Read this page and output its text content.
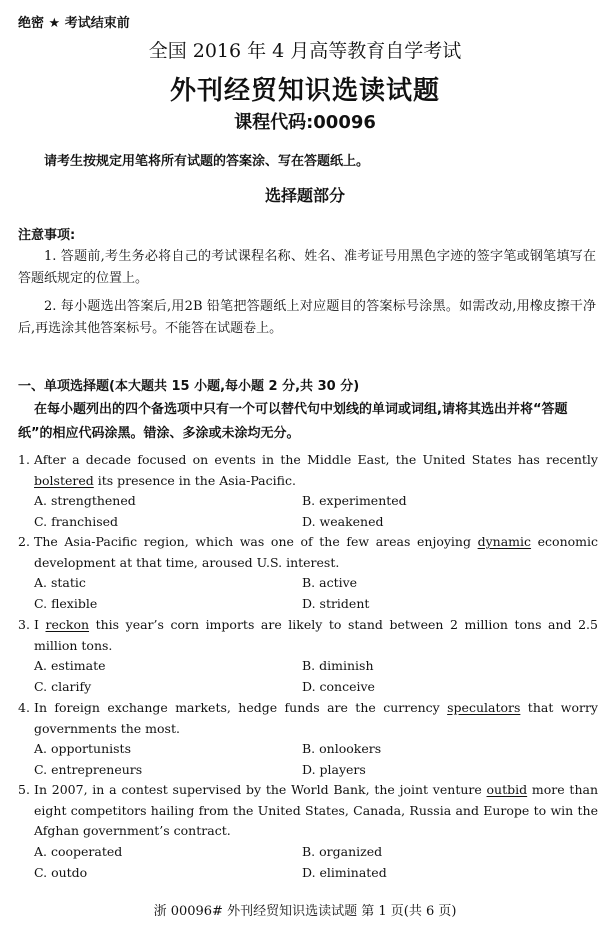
绝密 ★ 考试结束前
全国 2016 年 4 月高等教育自学考试
外刊经贸知识选读试题
课程代码:00096
请考生按规定用笔将所有试题的答案涂、写在答题纸上。
选择题部分
注意事项:
1. 答题前,考生务必将自己的考试课程名称、姓名、准考证号用黑色字迹的签字笔或钢笔填写在答题纸规定的位置上。
2. 每小题选出答案后,用2B 铅笔把答题纸上对应题目的答案标号涂黑。如需改动,用橡皮擦干净后,再选涂其他答案标号。不能答在试题卷上。
一、单项选择题(本大题共 15 小题,每小题 2 分,共 30 分)
在每小题列出的四个备选项中只有一个可以替代句中划线的单词或词组,请将其选出并将“答题纸”的相应代码涂黑。错涂、多涂或未涂均无分。
1. After a decade focused on events in the Middle East, the United States has recently bolstered its presence in the Asia-Pacific.
A. strengthened	B. experimented
C. franchised	D. weakened
2. The Asia-Pacific region, which was one of the few areas enjoying dynamic economic development at that time, aroused U.S. interest.
A. static	B. active
C. flexible	D. strident
3. I reckon this year’s corn imports are likely to stand between 2 million tons and 2.5 million tons.
A. estimate	B. diminish
C. clarify	D. conceive
4. In foreign exchange markets, hedge funds are the currency speculators that worry governments the most.
A. opportunists	B. onlookers
C. entrepreneurs	D. players
5. In 2007, in a contest supervised by the World Bank, the joint venture outbid more than eight competitors hailing from the United States, Canada, Russia and Europe to win the Afghan government’s contract.
A. cooperated	B. organized
C. outdo	D. eliminated
浙 00096# 外刊经贸知识选读试题 第 1 页(共 6 页)
